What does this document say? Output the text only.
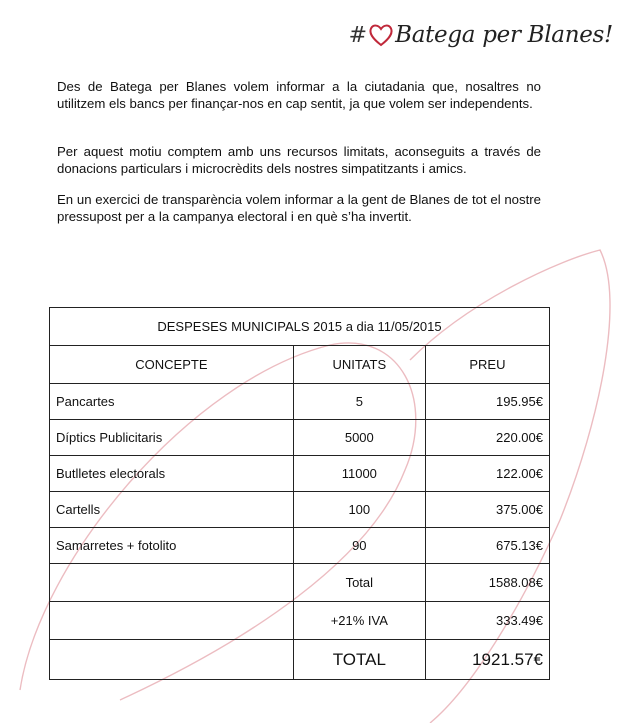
# Batega per Blanes!

Des de Batega per Blanes volem informar a la ciutadania que, nosaltres no utilitzem els bancs per finançar-nos en cap sentit, ja que volem ser independents.

Per aquest motiu comptem amb uns recursos limitats, aconseguits a través de donacions particulars i microcrèdits dels nostres simpatitzants i amics.

En un exercici de transparència volem informar a la gent de Blanes de tot el nostre pressupost per a la campanya electoral i en què s’ha invertit.

DESPESES MUNICIPALS 2015 a dia 11/05/2015		
CONCEPTE	UNITATS	PREU
Pancartes	5	195.95€
Díptics Publicitaris	5000	220.00€
Butlletes electorals	11000	122.00€
Cartells	100	375.00€
Samarretes + fotolito	90	675.13€
	Total	1588.08€
	+21% IVA	333.49€
	TOTAL	1921.57€
